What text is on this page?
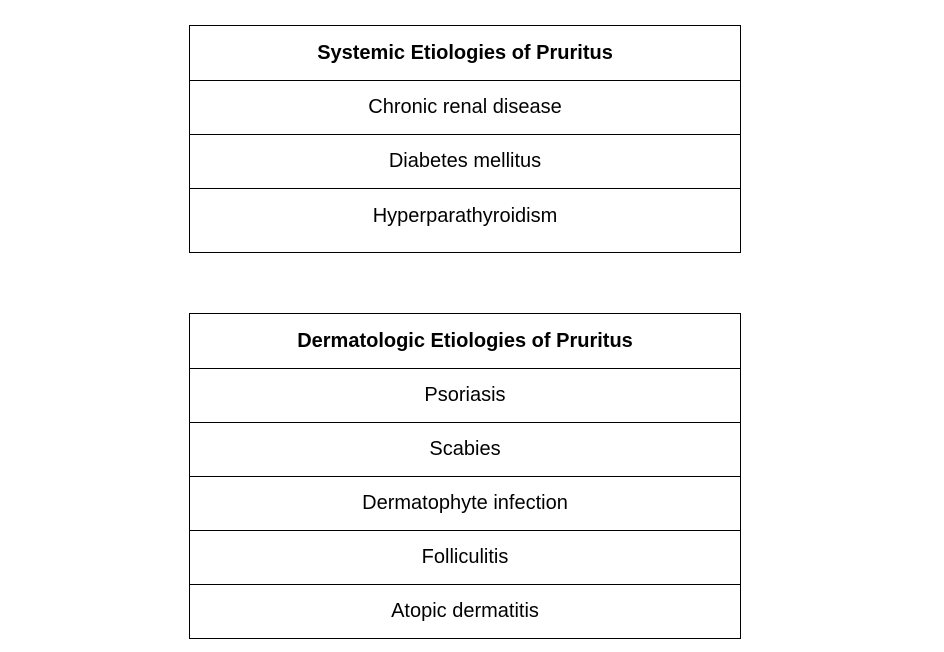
Systemic Etiologies of Pruritus
Chronic renal disease
Diabetes mellitus
Hyperparathyroidism
Dermatologic Etiologies of Pruritus
Psoriasis
Scabies
Dermatophyte infection
Folliculitis
Atopic dermatitis
